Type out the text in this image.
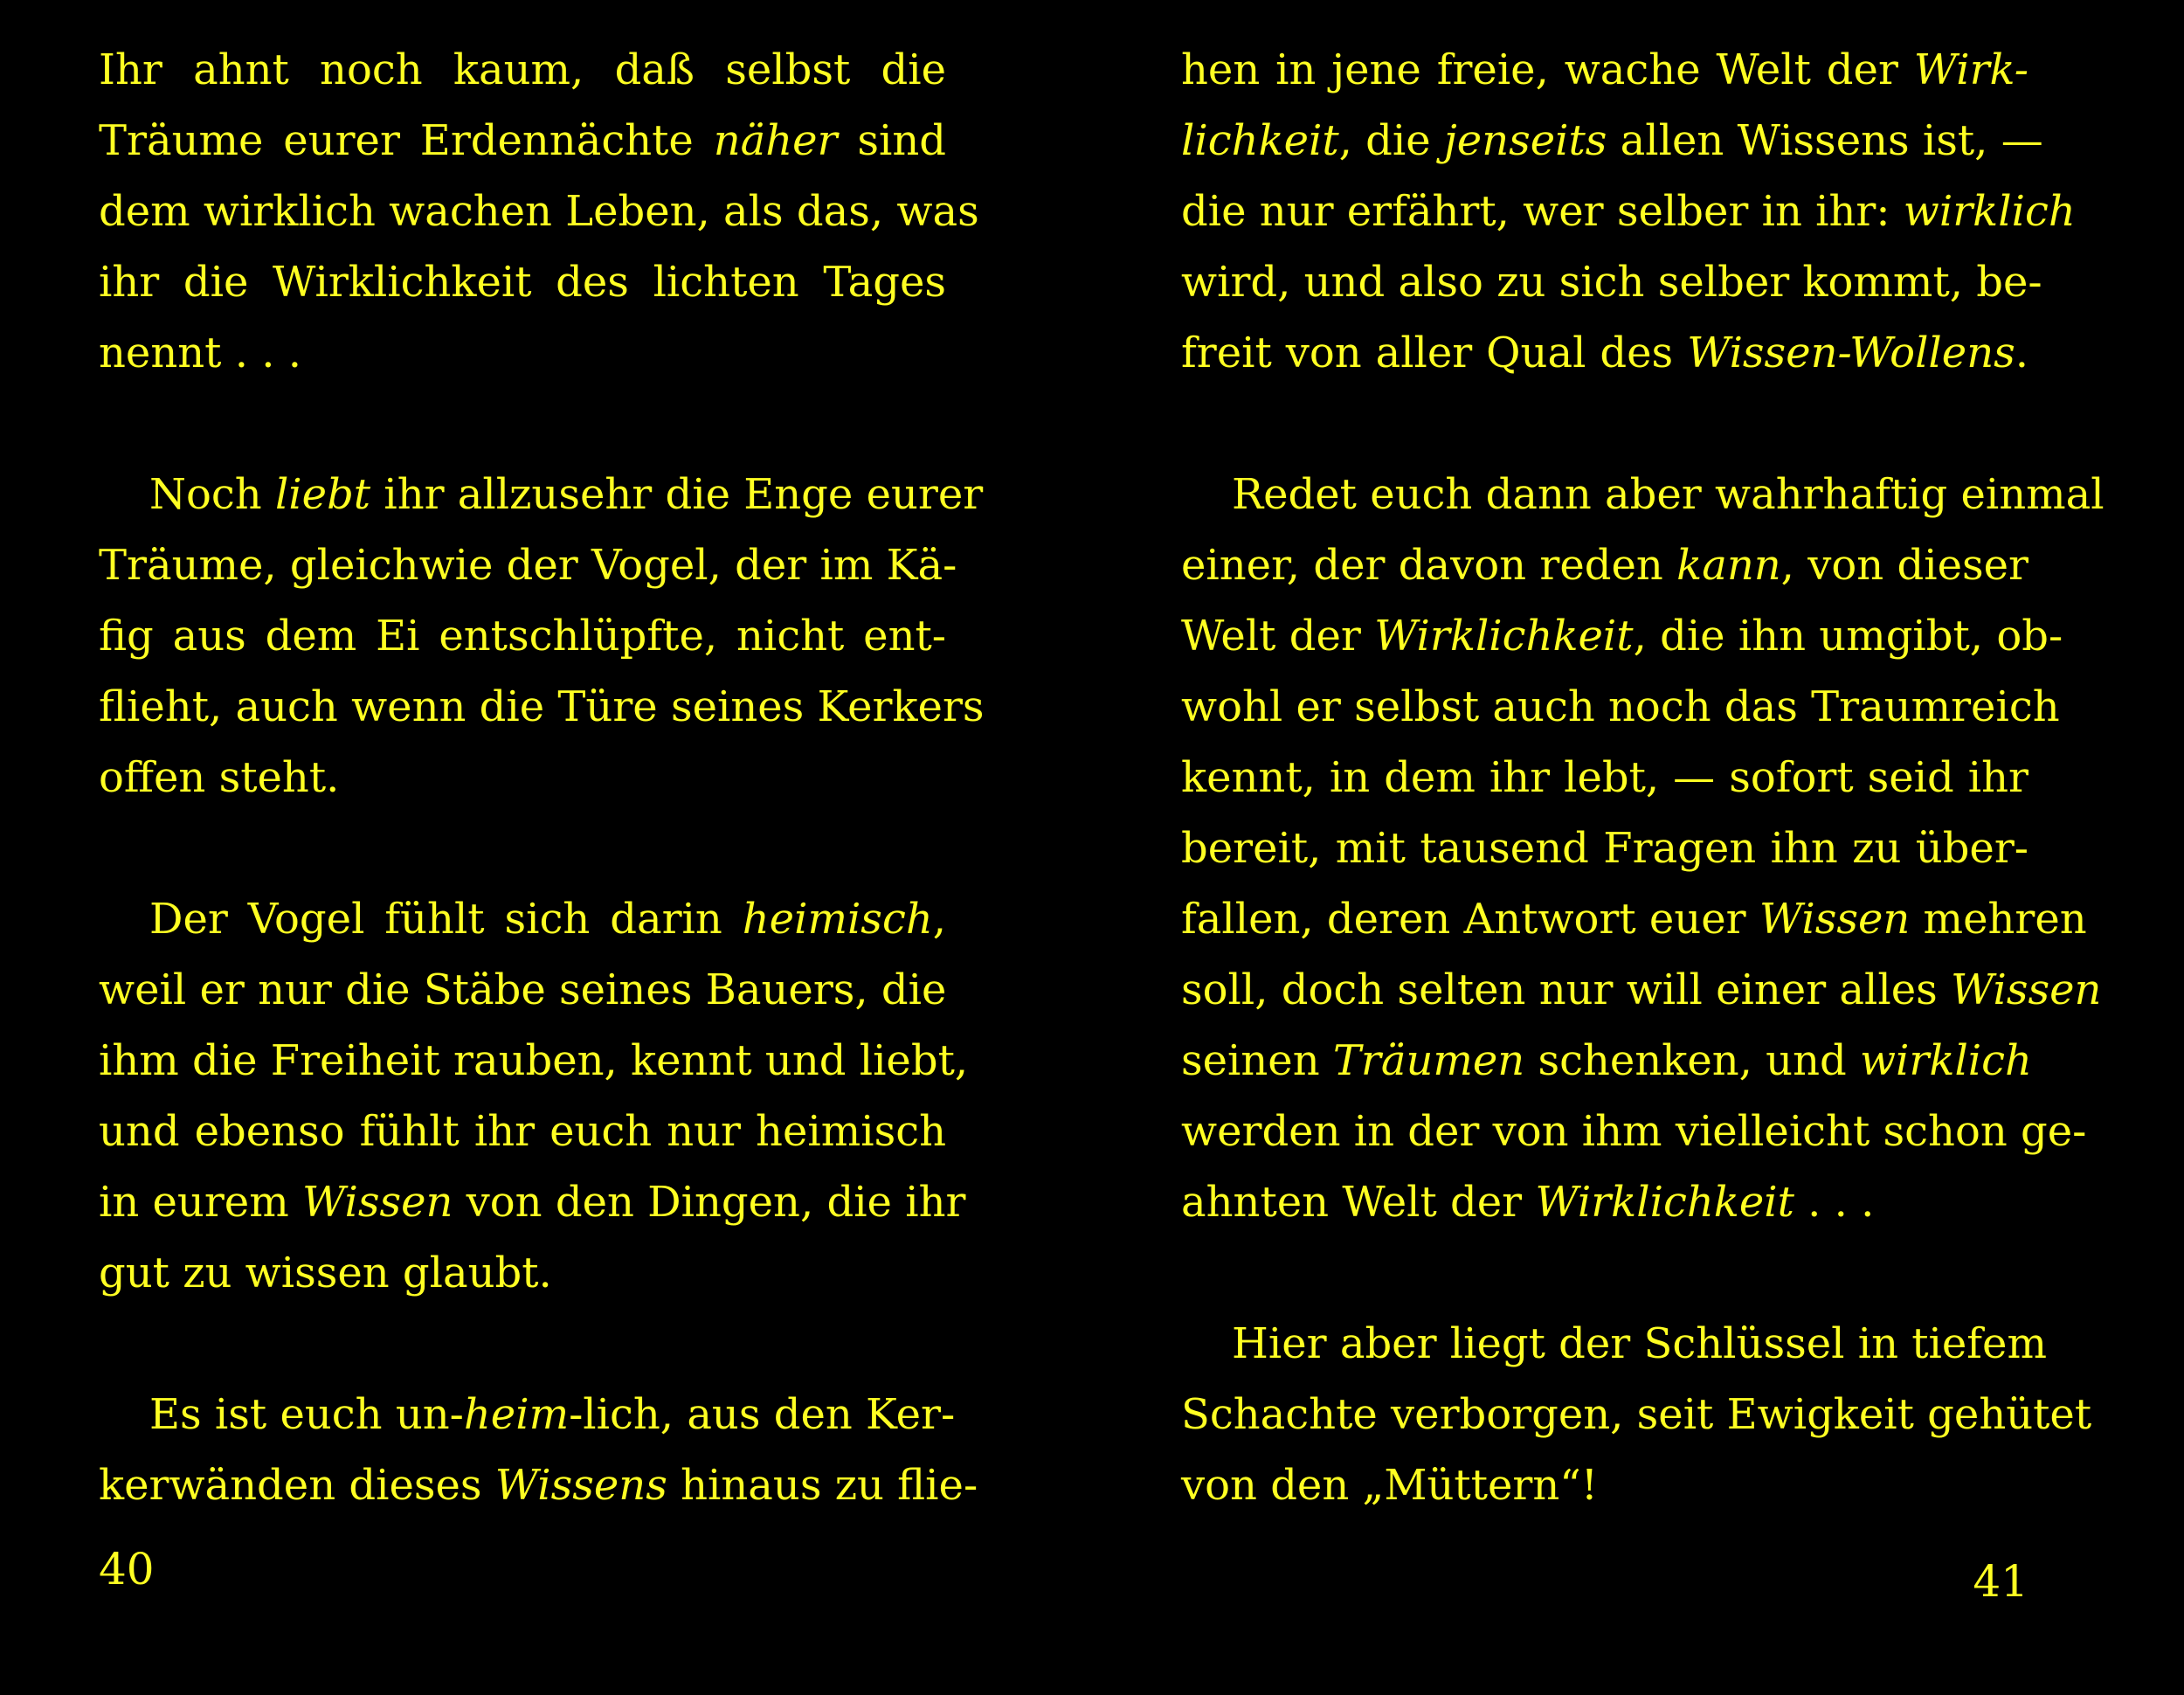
Ihr ahnt noch kaum, daß selbst die
Träume eurer Erdennächte näher sind
dem wirklich wachen Leben, als das, was
ihr die Wirklichkeit des lichten Tages
nennt . . .
Noch liebt ihr allzusehr die Enge eurer
Träume, gleichwie der Vogel, der im Kä-
fig aus dem Ei entschlüpfte, nicht ent-
flieht, auch wenn die Türe seines Kerkers
offen steht.
Der Vogel fühlt sich darin heimisch,
weil er nur die Stäbe seines Bauers, die
ihm die Freiheit rauben, kennt und liebt,
und ebenso fühlt ihr euch nur heimisch
in eurem Wissen von den Dingen, die ihr
gut zu wissen glaubt.
Es ist euch un-heim-lich, aus den Ker-
kerwänden dieses Wissens hinaus zu flie-
40
hen in jene freie, wache Welt der Wirk-
lichkeit, die jenseits allen Wissens ist, —
die nur erfährt, wer selber in ihr: wirklich
wird, und also zu sich selber kommt, be-
freit von aller Qual des Wissen-Wollens.
Redet euch dann aber wahrhaftig einmal
einer, der davon reden kann, von dieser
Welt der Wirklichkeit, die ihn umgibt, ob-
wohl er selbst auch noch das Traumreich
kennt, in dem ihr lebt, — sofort seid ihr
bereit, mit tausend Fragen ihn zu über-
fallen, deren Antwort euer Wissen mehren
soll, doch selten nur will einer alles Wissen
seinen Träumen schenken, und wirklich
werden in der von ihm vielleicht schon ge-
ahnten Welt der Wirklichkeit . . .
Hier aber liegt der Schlüssel in tiefem
Schachte verborgen, seit Ewigkeit gehütet
von den „Müttern“!
41
